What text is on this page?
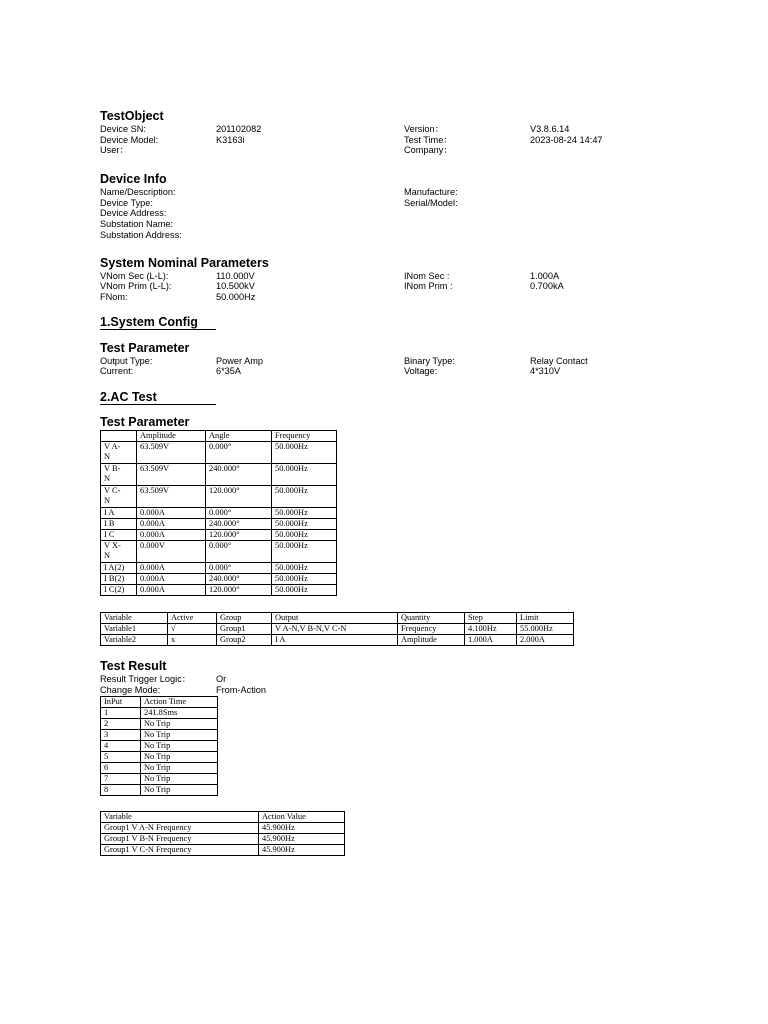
TestObject
Device SN:	201102082	Version：	V3.8.6.14
Device Model:	K3163i	Test Time：	2023-08-24 14:47
User：	Company：
Device Info
Name/Description:	Manufacture:
Device Type:	Serial/Model:
Device Address:
Substation Name:
Substation Address:
System Nominal Parameters
VNom Sec (L-L):	110.000V	INom Sec :	1.000A
VNom Prim (L-L):	10.500kV	INom Prim :	0.700kA
FNom:	50.000Hz
1.System Config
Test Parameter
Output Type:	Power Amp	Binary Type:	Relay Contact
Current:	6*35A	Voltage:	4*310V
2.AC Test
Test Parameter
	Amplitude	Angle	Frequency
V A-
N	63.509V	0.000°	50.000Hz
V B-
N	63.509V	240.000°	50.000Hz
V C-
N	63.509V	120.000°	50.000Hz
I A	0.000A	0.000°	50.000Hz
I B	0.000A	240.000°	50.000Hz
I C	0.000A	120.000°	50.000Hz
V X-
N	0.000V	0.000°	50.000Hz
I A(2)	0.000A	0.000°	50.000Hz
I B(2)	0.000A	240.000°	50.000Hz
I C(2)	0.000A	120.000°	50.000Hz
Variable	Active	Group	Output	Quantity	Step	Limit
Variable1	√	Group1	V A-N,V B-N,V C-N	Frequency	4.100Hz	55.000Hz
Variable2	x	Group2	I A	Amplitude	1.000A	2.000A
Test Result
Result Trigger Logic：	Or
Change Mode:	From-Action
InPut	Action Time
1	241.8Sms
2	No Trip
3	No Trip
4	No Trip
5	No Trip
6	No Trip
7	No Trip
8	No Trip
Variable	Action Value
Group1 V A-N Frequency	45.900Hz
Group1 V B-N Frequency	45.900Hz
Group1 V C-N Frequency	45.900Hz
